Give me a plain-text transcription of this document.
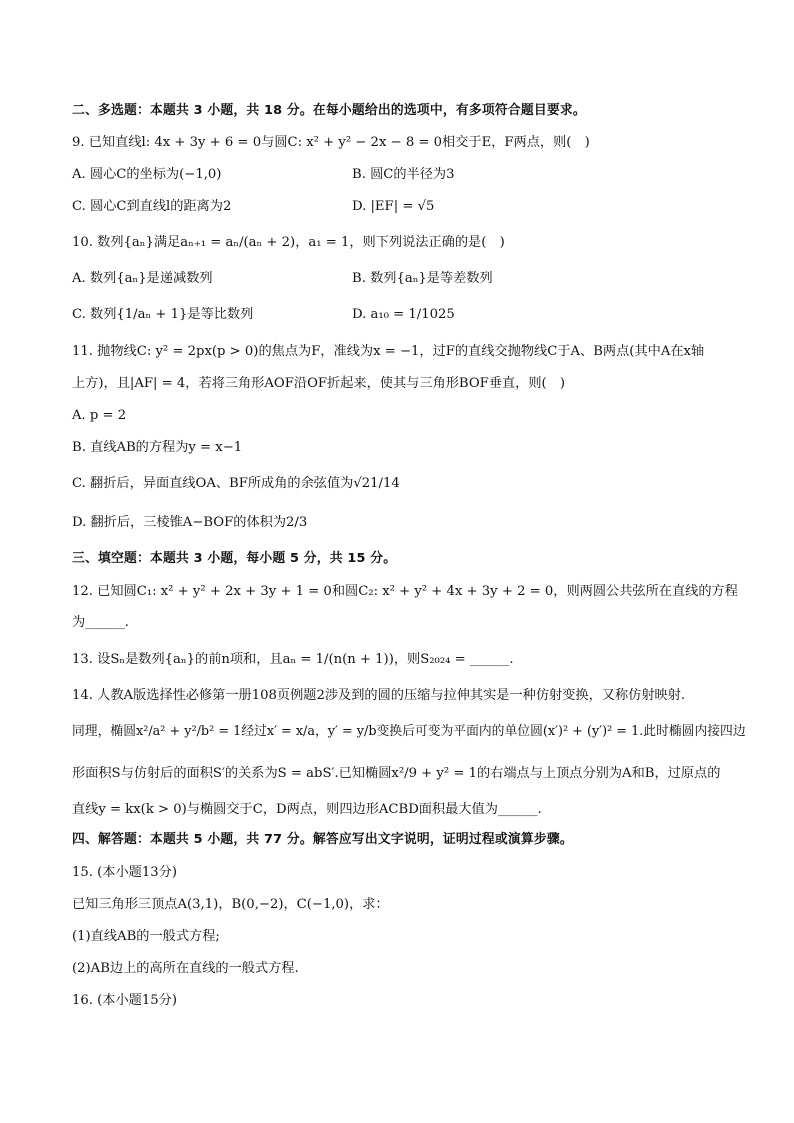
二、多选题：本题共 3 小题，共 18 分。在每小题给出的选项中，有多项符合题目要求。
9. 已知直线l: 4x + 3y + 6 = 0与圆C: x² + y² − 2x − 8 = 0相交于E，F两点，则(　)
A. 圆心C的坐标为(−1,0)	B. 圆C的半径为3
C. 圆心C到直线l的距离为2	D. |EF| = √5
10. 数列{aₙ}满足aₙ₊₁ = aₙ/(aₙ + 2)，a₁ = 1，则下列说法正确的是(　)
A. 数列{aₙ}是递减数列	B. 数列{aₙ}是等差数列
C. 数列{1/aₙ + 1}是等比数列	D. a₁₀ = 1/1025
11. 抛物线C: y² = 2px(p > 0)的焦点为F，准线为x = −1，过F的直线交抛物线C于A、B两点(其中A在x轴
上方)，且|AF| = 4，若将三角形AOF沿OF折起来，使其与三角形BOF垂直，则(　)
A. p = 2
B. 直线AB的方程为y = x−1
C. 翻折后，异面直线OA、BF所成角的余弦值为√21/14
D. 翻折后，三棱锥A−BOF的体积为2/3
三、填空题：本题共 3 小题，每小题 5 分，共 15 分。
12. 已知圆C₁: x² + y² + 2x + 3y + 1 = 0和圆C₂: x² + y² + 4x + 3y + 2 = 0，则两圆公共弦所在直线的方程
为______.
13. 设Sₙ是数列{aₙ}的前n项和，且aₙ = 1/(n(n + 1))，则S₂₀₂₄ = ______.
14. 人教A版选择性必修第一册108页例题2涉及到的圆的压缩与拉伸其实是一种仿射变换，又称仿射映射.
同理，椭圆x²/a² + y²/b² = 1经过x′ = x/a，y′ = y/b变换后可变为平面内的单位圆(x′)² + (y′)² = 1.此时椭圆内接四边
形面积S与仿射后的面积S′的关系为S = abS′.已知椭圆x²/9 + y² = 1的右端点与上顶点分别为A和B，过原点的
直线y = kx(k > 0)与椭圆交于C，D两点，则四边形ACBD面积最大值为______.
四、解答题：本题共 5 小题，共 77 分。解答应写出文字说明，证明过程或演算步骤。
15. (本小题13分)
已知三角形三顶点A(3,1)，B(0,−2)，C(−1,0)，求：
(1)直线AB的一般式方程;
(2)AB边上的高所在直线的一般式方程.
16. (本小题15分)
